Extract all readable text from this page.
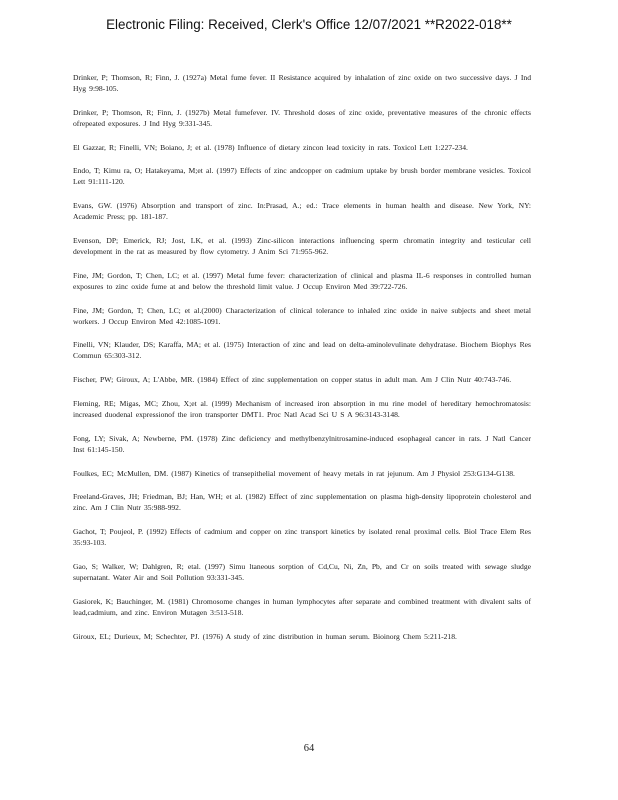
Electronic Filing: Received, Clerk's Office 12/07/2021 **R2022-018**

Drinker, P; Thomson, R; Finn, J. (1927a) Metal fume fever. II Resistance acquired by inhalation of zinc oxide on two successive days. J Ind Hyg 9:98-105.

Drinker, P; Thomson, R; Finn, J. (1927b) Metal fumefever. IV. Threshold doses of zinc oxide, preventative measures of the chronic effects ofrepeated exposures. J Ind Hyg 9:331-345.

El Gazzar, R; Finelli, VN; Boiano, J; et al. (1978) Influence of dietary zincon lead toxicity in rats. Toxicol Lett 1:227-234.

Endo, T; Kimu ra, O; Hatakeyama, M;et al. (1997) Effects of zinc andcopper on cadmium uptake by brush border membrane vesicles. Toxicol Lett 91:111-120.

Evans, GW. (1976) Absorption and transport of zinc. In:Prasad, A.; ed.: Trace elements in human health and disease. New York, NY: Academic Press; pp. 181-187.

Evenson, DP; Emerick, RJ; Jost, LK, et al. (1993) Zinc-silicon interactions influencing sperm chromatin integrity and testicular cell development in the rat as measured by flow cytometry. J Anim Sci 71:955-962.

Fine, JM; Gordon, T; Chen, LC; et al. (1997) Metal fume fever: characterization of clinical and plasma IL-6 responses in controlled human exposures to zinc oxide fume at and below the threshold limit value. J Occup Environ Med 39:722-726.

Fine, JM; Gordon, T; Chen, LC; et al.(2000) Characterization of clinical tolerance to inhaled zinc oxide in naive subjects and sheet metal workers. J Occup Environ Med 42:1085-1091.

Finelli, VN; Klauder, DS; Karaffa, MA; et al. (1975) Interaction of zinc and lead on delta-aminolevulinate dehydratase. Biochem Biophys Res Commun 65:303-312.

Fischer, PW; Giroux, A; L'Abbe, MR. (1984) Effect of zinc supplementation on copper status in adult man. Am J Clin Nutr 40:743-746.

Fleming, RE; Migas, MC; Zhou, X;et al. (1999) Mechanism of increased iron absorption in mu rine model of hereditary hemochromatosis: increased duodenal expressionof the iron transporter DMT1. Proc Natl Acad Sci U S A 96:3143-3148.

Fong, LY; Sivak, A; Newberne, PM. (1978) Zinc deficiency and methylbenzylnitrosamine-induced esophageal cancer in rats. J Natl Cancer Inst 61:145-150.

Foulkes, EC; McMullen, DM. (1987) Kinetics of transepithelial movement of heavy metals in rat jejunum. Am J Physiol 253:G134-G138.

Freeland-Graves, JH; Friedman, BJ; Han, WH; et al. (1982) Effect of zinc supplementation on plasma high-density lipoprotein cholesterol and zinc. Am J Clin Nutr 35:988-992.

Gachot, T; Poujeol, P. (1992) Effects of cadmium and copper on zinc transport kinetics by isolated renal proximal cells. Biol Trace Elem Res 35:93-103.

Gao, S; Walker, W; Dahlgren, R; etal. (1997) Simu ltaneous sorption of Cd,Cu, Ni, Zn, Pb, and Cr on soils treated with sewage sludge supernatant. Water Air and Soil Pollution 93:331-345.

Gasiorek, K; Bauchinger, M. (1981) Chromosome changes in human lymphocytes after separate and combined treatment with divalent salts of lead,cadmium, and zinc. Environ Mutagen 3:513-518.

Giroux, EL; Durieux, M; Schechter, PJ. (1976) A study of zinc distribution in human serum. Bioinorg Chem 5:211-218.

64
